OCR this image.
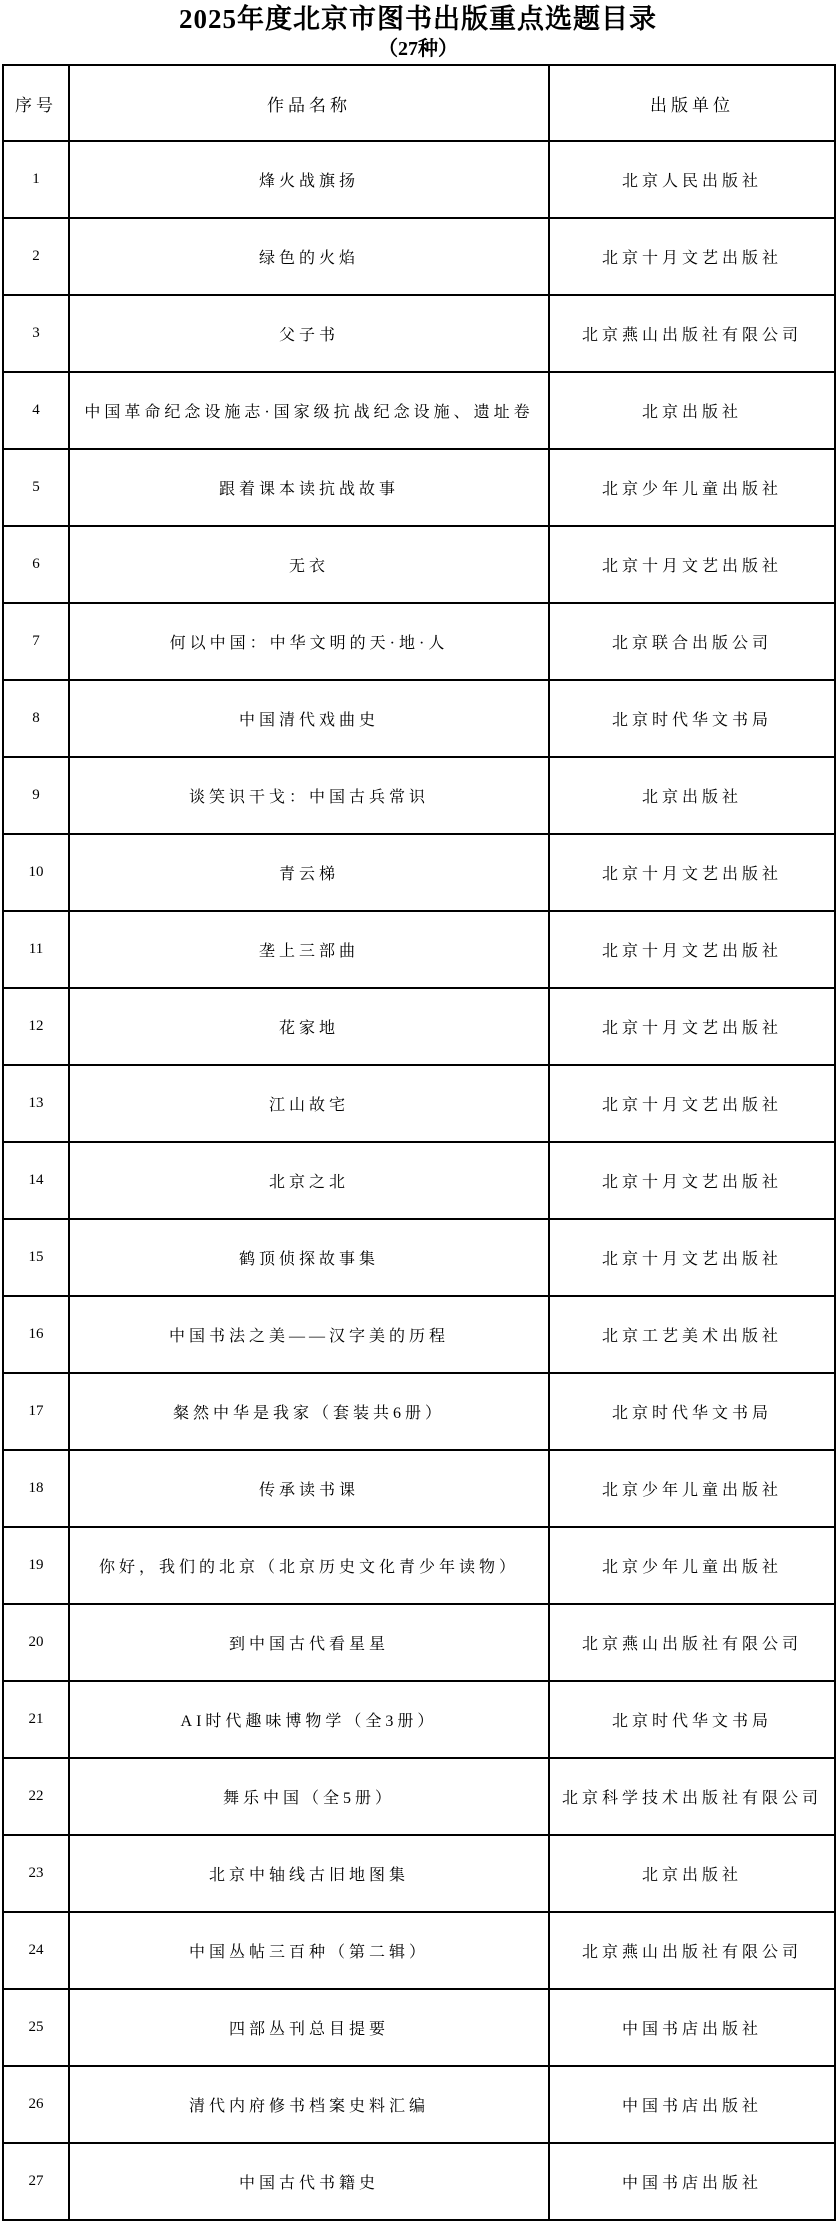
2025年度北京市图书出版重点选题目录
（27种）
序号	作品名称	出版单位
1	烽火战旗扬	北京人民出版社
2	绿色的火焰	北京十月文艺出版社
3	父子书	北京燕山出版社有限公司
4	中国革命纪念设施志·国家级抗战纪念设施、遗址卷	北京出版社
5	跟着课本读抗战故事	北京少年儿童出版社
6	无衣	北京十月文艺出版社
7	何以中国：中华文明的天·地·人	北京联合出版公司
8	中国清代戏曲史	北京时代华文书局
9	谈笑识干戈：中国古兵常识	北京出版社
10	青云梯	北京十月文艺出版社
11	垄上三部曲	北京十月文艺出版社
12	花家地	北京十月文艺出版社
13	江山故宅	北京十月文艺出版社
14	北京之北	北京十月文艺出版社
15	鹤顶侦探故事集	北京十月文艺出版社
16	中国书法之美——汉字美的历程	北京工艺美术出版社
17	粲然中华是我家（套装共6册）	北京时代华文书局
18	传承读书课	北京少年儿童出版社
19	你好，我们的北京（北京历史文化青少年读物）	北京少年儿童出版社
20	到中国古代看星星	北京燕山出版社有限公司
21	AI时代趣味博物学（全3册）	北京时代华文书局
22	舞乐中国（全5册）	北京科学技术出版社有限公司
23	北京中轴线古旧地图集	北京出版社
24	中国丛帖三百种（第二辑）	北京燕山出版社有限公司
25	四部丛刊总目提要	中国书店出版社
26	清代内府修书档案史料汇编	中国书店出版社
27	中国古代书籍史	中国书店出版社
